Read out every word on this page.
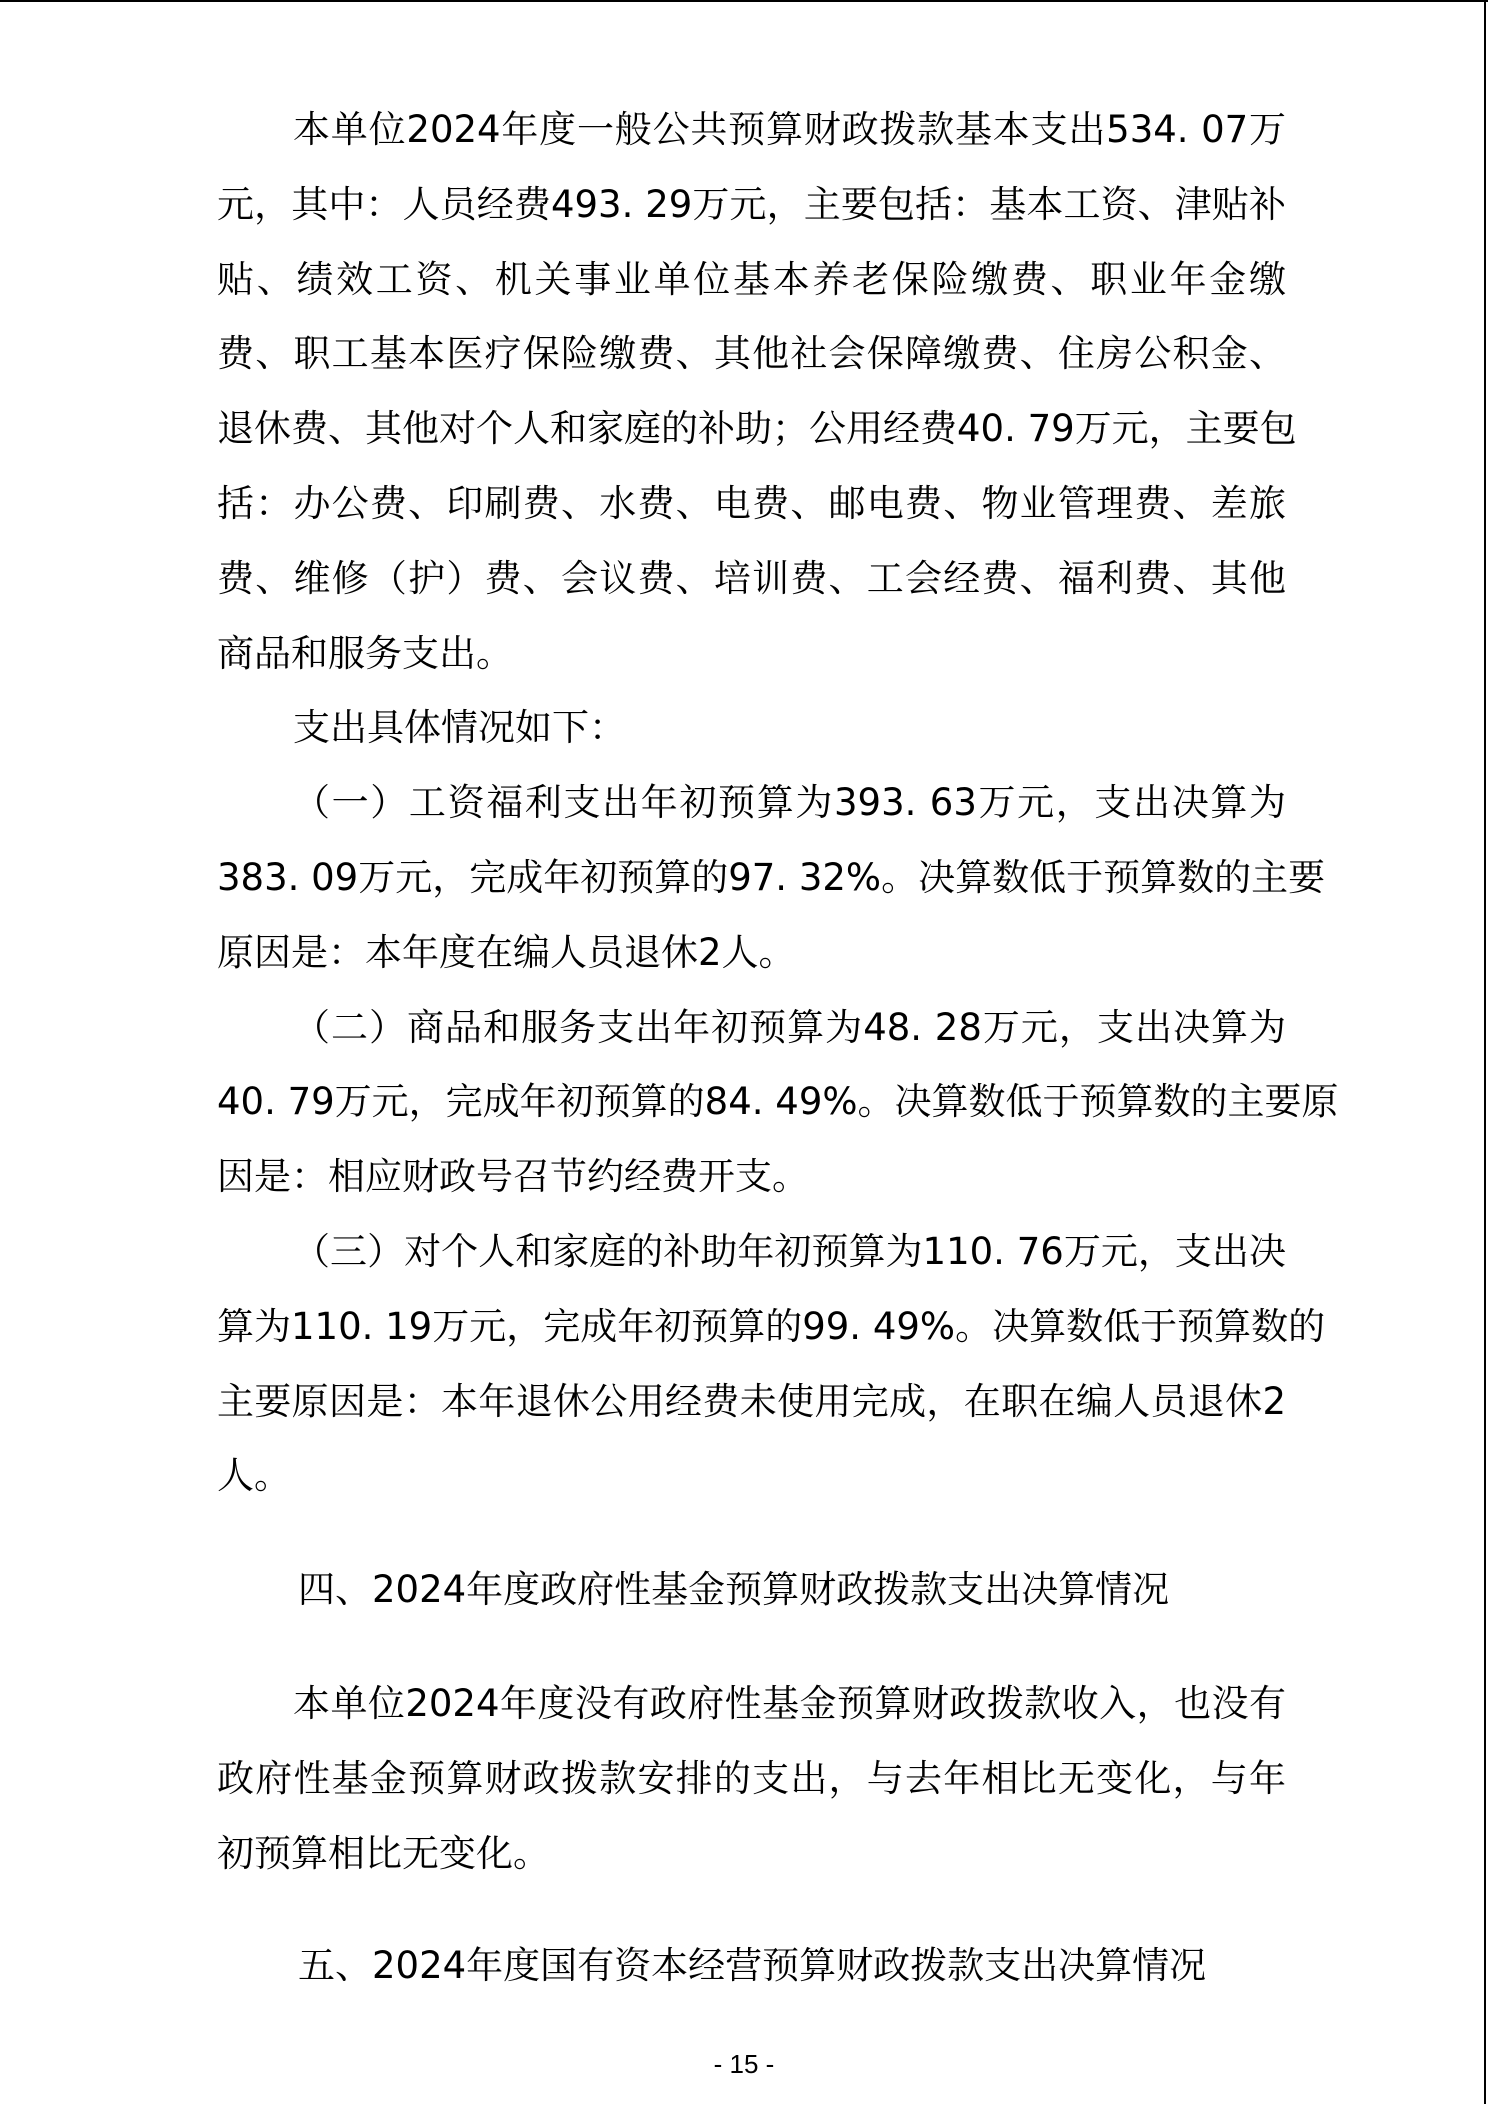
本单位2024年度一般公共预算财政拨款基本支出534. 07万
元，其中：人员经费493. 29万元，主要包括：基本工资、津贴补
贴、绩效工资、机关事业单位基本养老保险缴费、职业年金缴
费、职工基本医疗保险缴费、其他社会保障缴费、住房公积金、
退休费、其他对个人和家庭的补助；公用经费40. 79万元，主要包
括：办公费、印刷费、水费、电费、邮电费、物业管理费、差旅
费、维修（护）费、会议费、培训费、工会经费、福利费、其他
商品和服务支出。
支出具体情况如下：
（一）工资福利支出年初预算为393. 63万元，支出决算为
383. 09万元，完成年初预算的97. 32%。决算数低于预算数的主要
原因是：本年度在编人员退休2人。
（二）商品和服务支出年初预算为48. 28万元，支出决算为
40. 79万元，完成年初预算的84. 49%。决算数低于预算数的主要原
因是：相应财政号召节约经费开支。
（三）对个人和家庭的补助年初预算为110. 76万元，支出决
算为110. 19万元，完成年初预算的99. 49%。决算数低于预算数的
主要原因是：本年退休公用经费未使用完成，在职在编人员退休2
人。
四、2024年度政府性基金预算财政拨款支出决算情况
本单位2024年度没有政府性基金预算财政拨款收入，也没有
政府性基金预算财政拨款安排的支出，与去年相比无变化，与年
初预算相比无变化。
五、2024年度国有资本经营预算财政拨款支出决算情况
- 15 -
